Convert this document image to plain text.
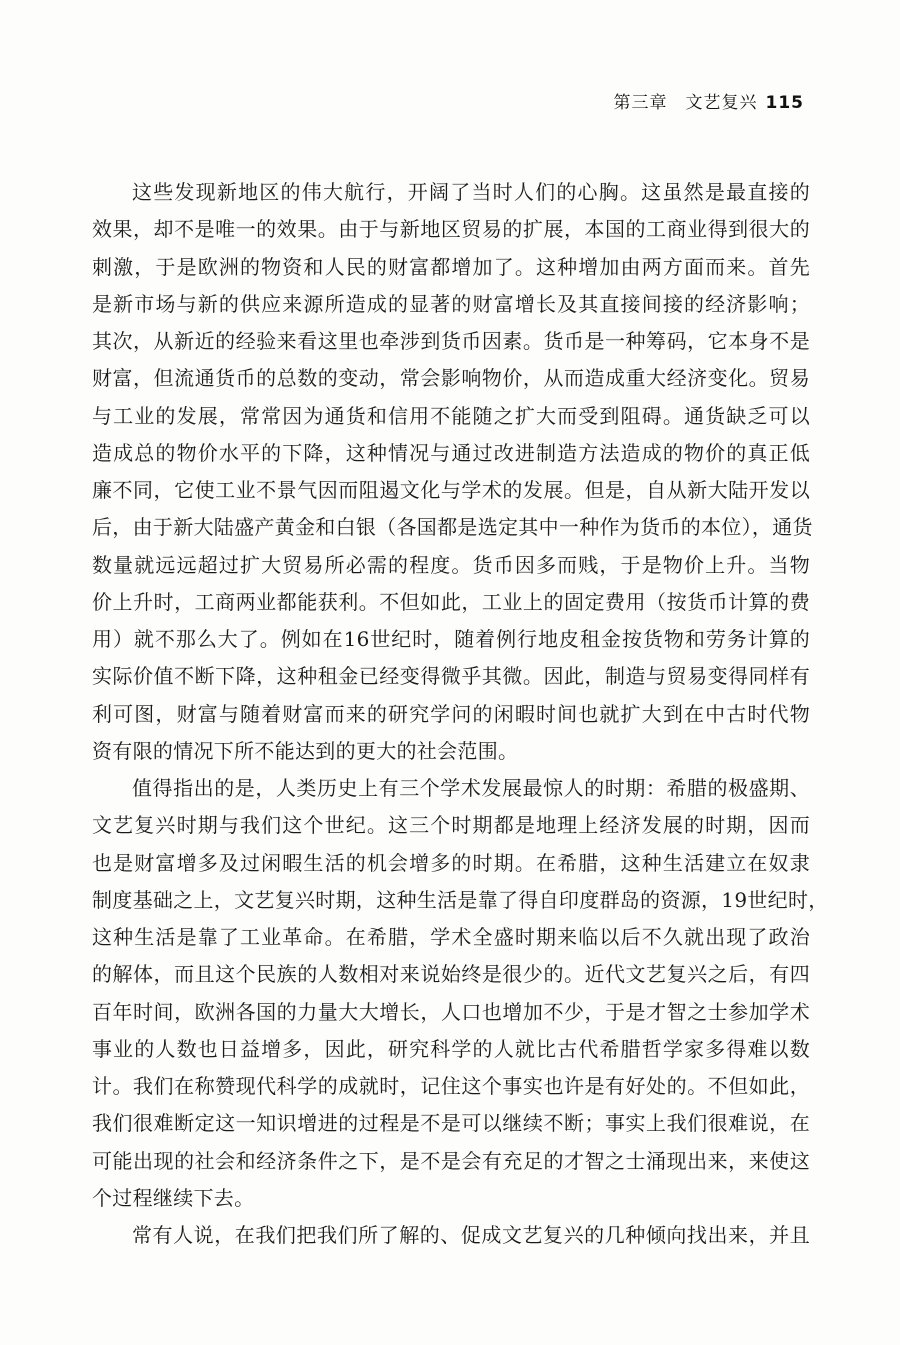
第三章 文艺复兴 115
这些发现新地区的伟大航行，开阔了当时人们的心胸。这虽然是最直接的
效果，却不是唯一的效果。由于与新地区贸易的扩展，本国的工商业得到很大的
刺激，于是欧洲的物资和人民的财富都增加了。这种增加由两方面而来。首先
是新市场与新的供应来源所造成的显著的财富增长及其直接间接的经济影响；
其次，从新近的经验来看这里也牵涉到货币因素。货币是一种筹码，它本身不是
财富，但流通货币的总数的变动，常会影响物价，从而造成重大经济变化。贸易
与工业的发展，常常因为通货和信用不能随之扩大而受到阻碍。通货缺乏可以
造成总的物价水平的下降，这种情况与通过改进制造方法造成的物价的真正低
廉不同，它使工业不景气因而阻遏文化与学术的发展。但是，自从新大陆开发以
后，由于新大陆盛产黄金和白银（各国都是选定其中一种作为货币的本位），通货
数量就远远超过扩大贸易所必需的程度。货币因多而贱，于是物价上升。当物
价上升时，工商两业都能获利。不但如此，工业上的固定费用（按货币计算的费
用）就不那么大了。例如在16世纪时，随着例行地皮租金按货物和劳务计算的
实际价值不断下降，这种租金已经变得微乎其微。因此，制造与贸易变得同样有
利可图，财富与随着财富而来的研究学问的闲暇时间也就扩大到在中古时代物
资有限的情况下所不能达到的更大的社会范围。
值得指出的是，人类历史上有三个学术发展最惊人的时期：希腊的极盛期、
文艺复兴时期与我们这个世纪。这三个时期都是地理上经济发展的时期，因而
也是财富增多及过闲暇生活的机会增多的时期。在希腊，这种生活建立在奴隶
制度基础之上，文艺复兴时期，这种生活是靠了得自印度群岛的资源，19世纪时，
这种生活是靠了工业革命。在希腊，学术全盛时期来临以后不久就出现了政治
的解体，而且这个民族的人数相对来说始终是很少的。近代文艺复兴之后，有四
百年时间，欧洲各国的力量大大增长，人口也增加不少，于是才智之士参加学术
事业的人数也日益增多，因此，研究科学的人就比古代希腊哲学家多得难以数
计。我们在称赞现代科学的成就时，记住这个事实也许是有好处的。不但如此，
我们很难断定这一知识增进的过程是不是可以继续不断；事实上我们很难说，在
可能出现的社会和经济条件之下，是不是会有充足的才智之士涌现出来，来使这
个过程继续下去。
常有人说，在我们把我们所了解的、促成文艺复兴的几种倾向找出来，并且
